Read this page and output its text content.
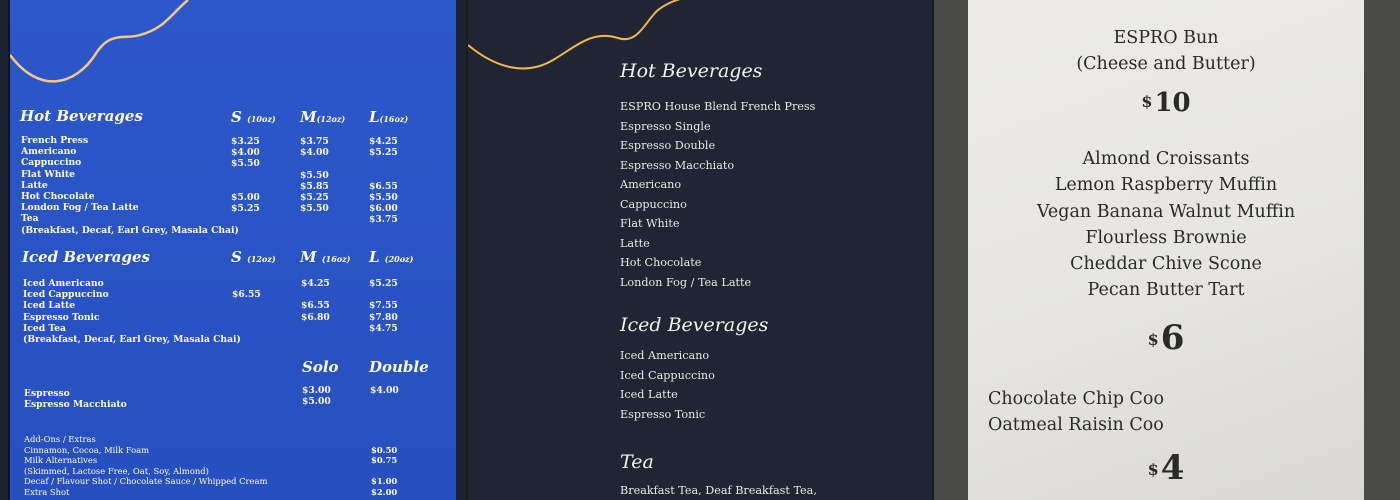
Hot Beverages	S (10oz) M(12oz) L(16oz)
French Press
Americano
Cappuccino
Flat White
Latte
Hot Chocolate
London Fog / Tea Latte
Tea
(Breakfast, Decaf, Earl Grey, Masala Chai)
$3.25
$4.00
$5.50

$5.00
$5.25

$3.75
$4.00

$5.50
$5.85
$5.25
$5.50

$4.25
$5.25

$6.55
$5.50
$6.00
$3.75

Iced Beverages	S (12oz) M (16oz) L (20oz)
Iced Americano
Iced Cappuccino
Iced Latte
Espresso Tonic
Iced Tea
(Breakfast, Decaf, Earl Grey, Masala Chai)

$6.55

$4.25

$6.55
$6.80

$5.25

$7.55
$7.80
$4.75

Solo Double
Espresso
Espresso Macchiato
$3.00
$5.00
$4.00

Add-Ons / Extras
Cinnamon, Cocoa, Milk Foam
Milk Alternatives
(Skimmed, Lactose Free, Oat, Soy, Almond)
Decaf / Flavour Shot / Chocolate Sauce / Whipped Cream
Extra Shot

$0.50
$0.75

$1.00
$2.00
Hot Beverages
ESPRO House Blend French Press
Espresso Single
Espresso Double
Espresso Macchiato
Americano
Cappuccino
Flat White
Latte
Hot Chocolate
London Fog / Tea Latte
Iced Beverages
Iced Americano
Iced Cappuccino
Iced Latte
Espresso Tonic
Tea
Breakfast Tea, Deaf Breakfast Tea,
ESPRO Bun
(Cheese and Butter)
$10
Almond Croissants
Lemon Raspberry Muffin
Vegan Banana Walnut Muffin
Flourless Brownie
Cheddar Chive Scone
Pecan Butter Tart
$6
Chocolate Chip Coo
Oatmeal Raisin Coo
$4
